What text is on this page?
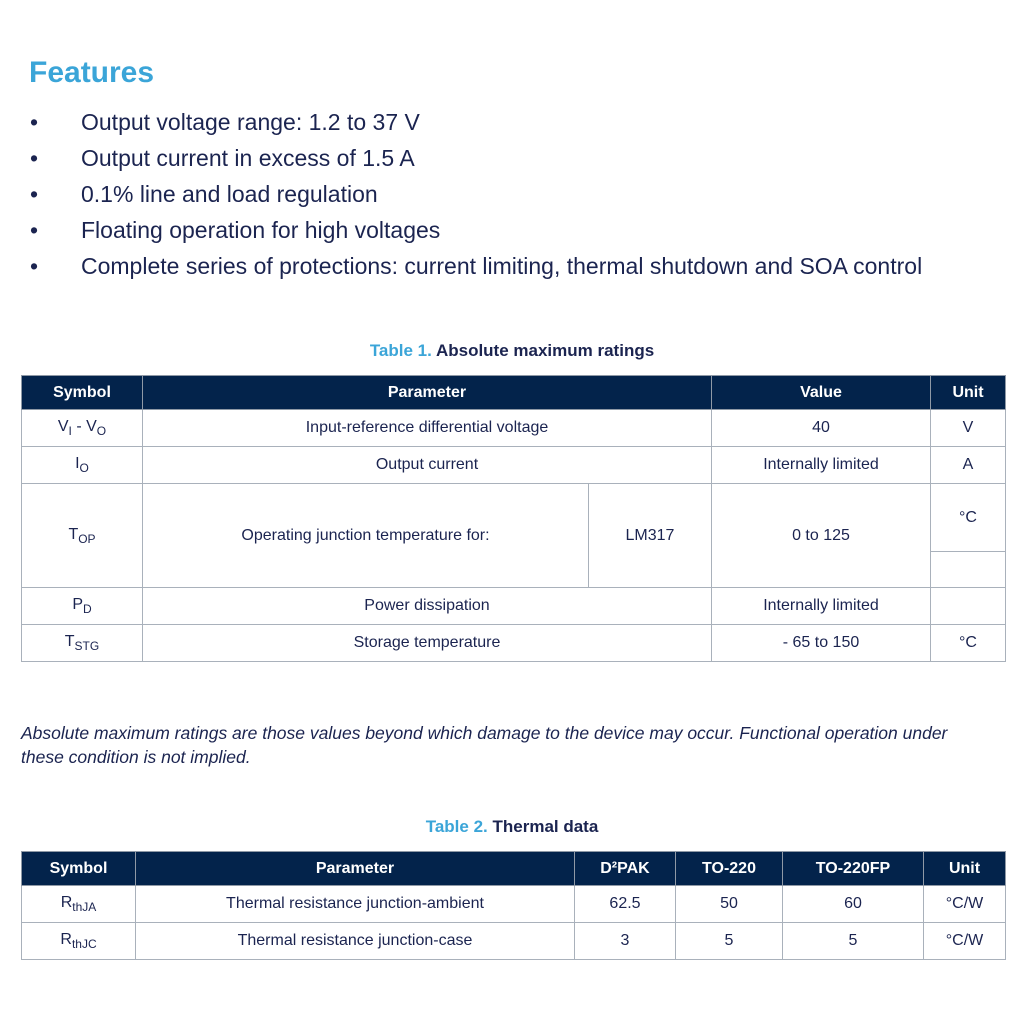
Features
• Output voltage range: 1.2 to 37 V
• Output current in excess of 1.5 A
• 0.1% line and load regulation
• Floating operation for high voltages
• Complete series of protections: current limiting, thermal shutdown and SOA control
Table 1. Absolute maximum ratings
Symbol	Parameter		Value	Unit
$V_I - V_O$	Input-reference differential voltage		40	V
$I_O$	Output current		Internally limited	A
$T_{OP}$	Operating junction temperature for:	LM317	0 to 125	°C

$P_D$	Power dissipation		Internally limited	
$T_{STG}$	Storage temperature		- 65 to 150	°C

Absolute maximum ratings are those values beyond which damage to the device may occur. Functional operation under these condition is not implied.

Table 2. Thermal data
Symbol	Parameter	D²PAK	TO-220	TO-220FP	Unit
$R_{thJA}$	Thermal resistance junction-ambient	62.5	50	60	°C/W
$R_{thJC}$	Thermal resistance junction-case	3	5	5	°C/W
